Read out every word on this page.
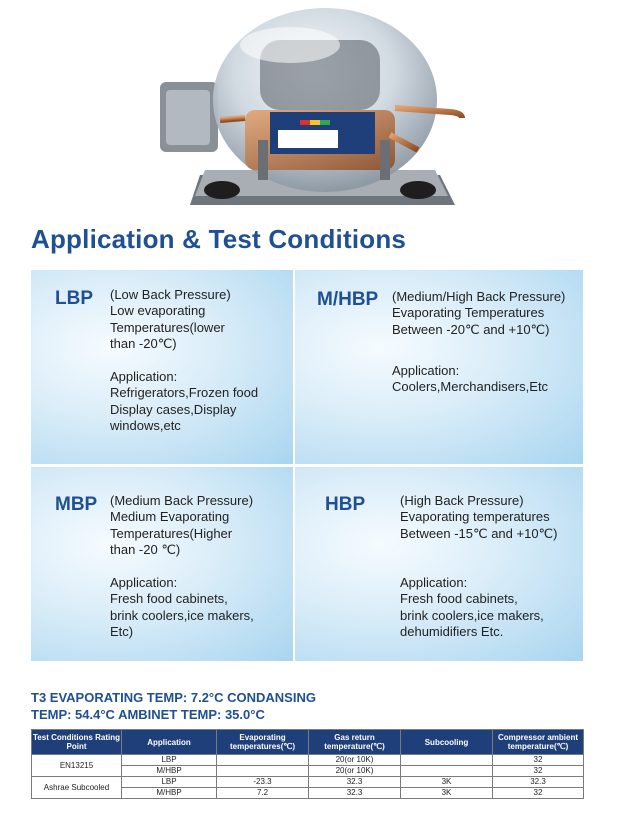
Application & Test Conditions
LBP (Low Back Pressure)
Low evaporating
Temperatures(lower
than -20℃)
Application:
Refrigerators,Frozen food
Display cases,Display
windows,etc
M/HBP (Medium/High Back Pressure)
Evaporating Temperatures
Between -20℃ and +10℃)
Application:
Coolers,Merchandisers,Etc
MBP (Medium Back Pressure)
Medium Evaporating
Temperatures(Higher
than -20 ℃)
Application:
Fresh food cabinets,
brink coolers,ice makers,
Etc)
HBP	(High Back Pressure)
Evaporating temperatures
Between -15℃ and +10℃)
Application:
Fresh food cabinets,
brink coolers,ice makers,
dehumidifiers Etc.
T3 EVAPORATING TEMP: 7.2°C CONDANSING
TEMP: 54.4°C AMBINET TEMP: 35.0°C
Test Conditions Rating Point	Application	Evaporating temperatures(℃)	Gas return temperature(℃)	Subcooling	Compressor ambient temperature(℃)
EN13215	LBP		20(or 10K)		32
	M/HBP		20(or 10K)		32
Ashrae Subcooled	LBP	-23.3	32.3	3K	32.3
	M/HBP	7.2	32.3	3K	32
